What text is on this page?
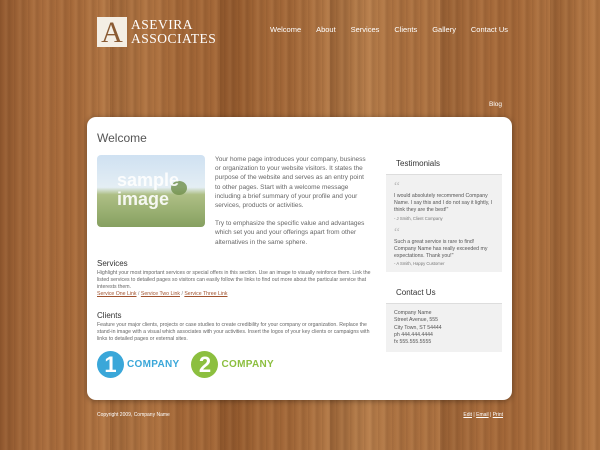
A ASEVIRA
ASSOCIATES
Welcome About Services Clients Gallery Contact Us
Blog
Welcome
sample
image

Your home page introduces your company, business or organization to your website visitors. It states the purpose of the website and serves as an entry point to other pages. Start with a welcome message including a brief summary of your profile and your services, products or activities.

Try to emphasize the specific value and advantages which set you and your offerings apart from other alternatives in the same sphere.

Services

Highlight your most important services or special offers in this section. Use an image to visually reinforce them. Link the listed services to detailed pages so visitors can easily follow the links to find out more about the particular service that interests them.

Service One Link / Service Two Link / Service Three Link
Clients

Feature your major clients, projects or case studies to create credibility for your company or organization. Replace the stand-in image with a visual which associates with your activities. Insert the logos of your key clients or campaigns with links to detailed pages or external sites.

1	COMPANY 2	COMPANY
Testimonials
“
I would absolutely recommend Company Name. I say this and I do not say it lightly, I think they are the best!"
- J Smith, Client Company
“
Such a great service is rare to find! Company Name has really exceeded my expectations. Thank you!"
- A Smith, Happy Customer
Contact Us
Company Name
Street Avenue, 555
City Town, ST 54444
ph 444.444.4444
fx 555.555.5555
Copyright 2009, Company Name	Edit | Email | Print
